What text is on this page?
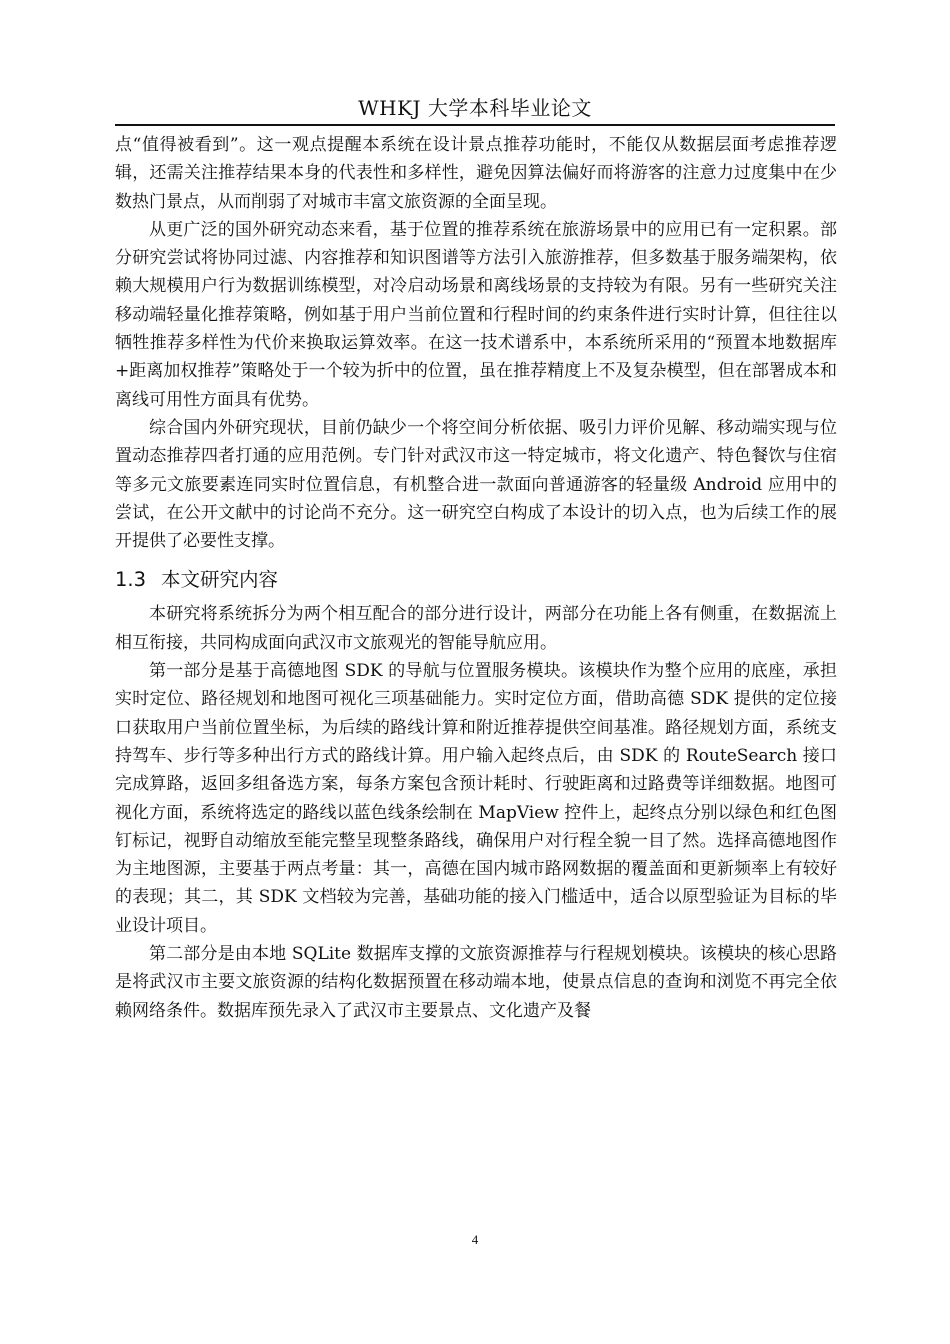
WHKJ 大学本科毕业论文

点“值得被看到”。这一观点提醒本系统在设计景点推荐功能时，不能仅从数据层面考虑推荐逻辑，还需关注推荐结果本身的代表性和多样性，避免因算法偏好而将游客的注意力过度集中在少数热门景点，从而削弱了对城市丰富文旅资源的全面呈现。

从更广泛的国外研究动态来看，基于位置的推荐系统在旅游场景中的应用已有一定积累。部分研究尝试将协同过滤、内容推荐和知识图谱等方法引入旅游推荐，但多数基于服务端架构，依赖大规模用户行为数据训练模型，对冷启动场景和离线场景的支持较为有限。另有一些研究关注移动端轻量化推荐策略，例如基于用户当前位置和行程时间的约束条件进行实时计算，但往往以牺牲推荐多样性为代价来换取运算效率。在这一技术谱系中，本系统所采用的“预置本地数据库+距离加权推荐”策略处于一个较为折中的位置，虽在推荐精度上不及复杂模型，但在部署成本和离线可用性方面具有优势。

综合国内外研究现状，目前仍缺少一个将空间分析依据、吸引力评价见解、移动端实现与位置动态推荐四者打通的应用范例。专门针对武汉市这一特定城市，将文化遗产、特色餐饮与住宿等多元文旅要素连同实时位置信息，有机整合进一款面向普通游客的轻量级 Android 应用中的尝试，在公开文献中的讨论尚不充分。这一研究空白构成了本设计的切入点，也为后续工作的展开提供了必要性支撑。

1.3 本文研究内容

本研究将系统拆分为两个相互配合的部分进行设计，两部分在功能上各有侧重，在数据流上相互衔接，共同构成面向武汉市文旅观光的智能导航应用。

第一部分是基于高德地图 SDK 的导航与位置服务模块。该模块作为整个应用的底座，承担实时定位、路径规划和地图可视化三项基础能力。实时定位方面，借助高德 SDK 提供的定位接口获取用户当前位置坐标，为后续的路线计算和附近推荐提供空间基准。路径规划方面，系统支持驾车、步行等多种出行方式的路线计算。用户输入起终点后，由 SDK 的 RouteSearch 接口完成算路，返回多组备选方案，每条方案包含预计耗时、行驶距离和过路费等详细数据。地图可视化方面，系统将选定的路线以蓝色线条绘制在 MapView 控件上，起终点分别以绿色和红色图钉标记，视野自动缩放至能完整呈现整条路线，确保用户对行程全貌一目了然。选择高德地图作为主地图源，主要基于两点考量：其一，高德在国内城市路网数据的覆盖面和更新频率上有较好的表现；其二，其 SDK 文档较为完善，基础功能的接入门槛适中，适合以原型验证为目标的毕业设计项目。

第二部分是由本地 SQLite 数据库支撑的文旅资源推荐与行程规划模块。该模块的核心思路是将武汉市主要文旅资源的结构化数据预置在移动端本地，使景点信息的查询和浏览不再完全依赖网络条件。数据库预先录入了武汉市主要景点、文化遗产及餐

4
